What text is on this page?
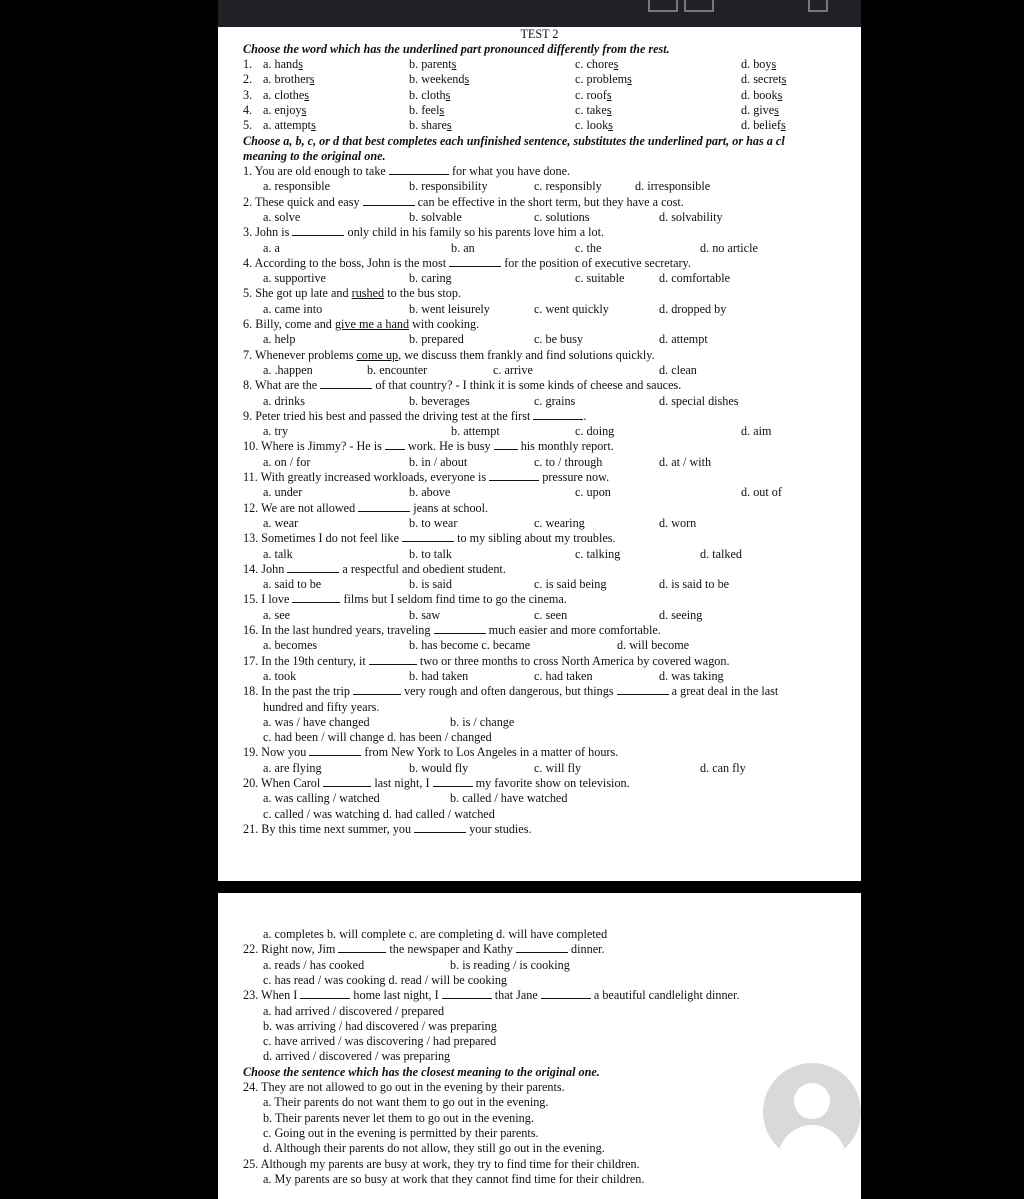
TEST 2
Choose the word which has the underlined part pronounced differently from the rest.
1. a. hands	b. parents	c. chores	d. boys
2. a. brothers	b. weekends	c. problems	d. secrets
3. a. clothes	b. cloths	c. roofs	d. books
4. a. enjoys	b. feels	c. takes	d. gives
5. a. attempts	b. shares	c. looks	d. beliefs
Choose a, b, c, or d that best completes each unfinished sentence, substitutes the underlined part, or has a cl
meaning to the original one.
1. You are old enough to take	for what you have done.
a. responsible	b. responsibility	c. responsibly	d. irresponsible
2. These quick and easy	can be effective in the short term, but they have a cost.
a. solve	b. solvable	c. solutions	d. solvability
3. John is	only child in his family so his parents love him a lot.
a. a	b. an	c. the	d. no article
4. According to the boss, John is the most	for the position of executive secretary.
a. supportive	b. caring	c. suitable	d. comfortable
5. She got up late and rushed to the bus stop.
a. came into	b. went leisurely	c. went quickly	d. dropped by
6. Billy, come and give me a hand with cooking.
a. help	b. prepared	c. be busy	d. attempt
7. Whenever problems come up, we discuss them frankly and find solutions quickly.
a. .happen	b. encounter	c. arrive	d. clean
8. What are the	of that country? - I think it is some kinds of cheese and sauces.
a. drinks	b. beverages	c. grains	d. special dishes
9. Peter tried his best and passed the driving test at the first	.
a. try	b. attempt	c. doing	d. aim
10. Where is Jimmy? - He is  work. He is busy  his monthly report.
a. on / for	b. in / about	c. to / through	d. at / with
11. With greatly increased workloads, everyone is	pressure now.
a. under	b. above	c. upon	d. out of
12. We are not allowed	jeans at school.
a. wear	b. to wear	c. wearing	d. worn
13. Sometimes I do not feel like	to my sibling about my troubles.
a. talk	b. to talk	c. talking	d. talked
14. John	a respectful and obedient student.
a. said to be	b. is said	c. is said being	d. is said to be
15. I love	films but I seldom find time to go the cinema.
a. see	b. saw	c. seen	d. seeing
16. In the last hundred years, traveling	much easier and more comfortable.
a. becomes	b. has become c. became	d. will become
17. In the 19th century, it	two or three months to cross North America by covered wagon.
a. took	b. had taken	c. had taken	d. was taking
18. In the past the trip	very rough and often dangerous, but things	a great deal in the last
hundred and fifty years.
a. was / have changed	b. is / change
c. had been / will change d. has been / changed
19. Now you	from New York to Los Angeles in a matter of hours.
a. are flying	b. would fly	c. will fly	d. can fly
20. When Carol	last night, I	my favorite show on television.
a. was calling / watched	b. called / have watched
c. called / was watching d. had called / watched
21. By this time next summer, you	your studies.
a. completes b. will complete c. are completing d. will have completed
22. Right now, Jim	the newspaper and Kathy	dinner.
a. reads / has cooked	b. is reading / is cooking
c. has read / was cooking d. read / will be cooking
23. When I	home last night, I	that Jane	a beautiful candlelight dinner.
a. had arrived / discovered / prepared
b. was arriving / had discovered / was preparing
c. have arrived / was discovering / had prepared
d. arrived / discovered / was preparing
Choose the sentence which has the closest meaning to the original one.
24. They are not allowed to go out in the evening by their parents.
a. Their parents do not want them to go out in the evening.
b. Their parents never let them to go out in the evening.
c. Going out in the evening is permitted by their parents.
d. Although their parents do not allow, they still go out in the evening.
25. Although my parents are busy at work, they try to find time for their children.
a. My parents are so busy at work that they cannot find time for their children.
